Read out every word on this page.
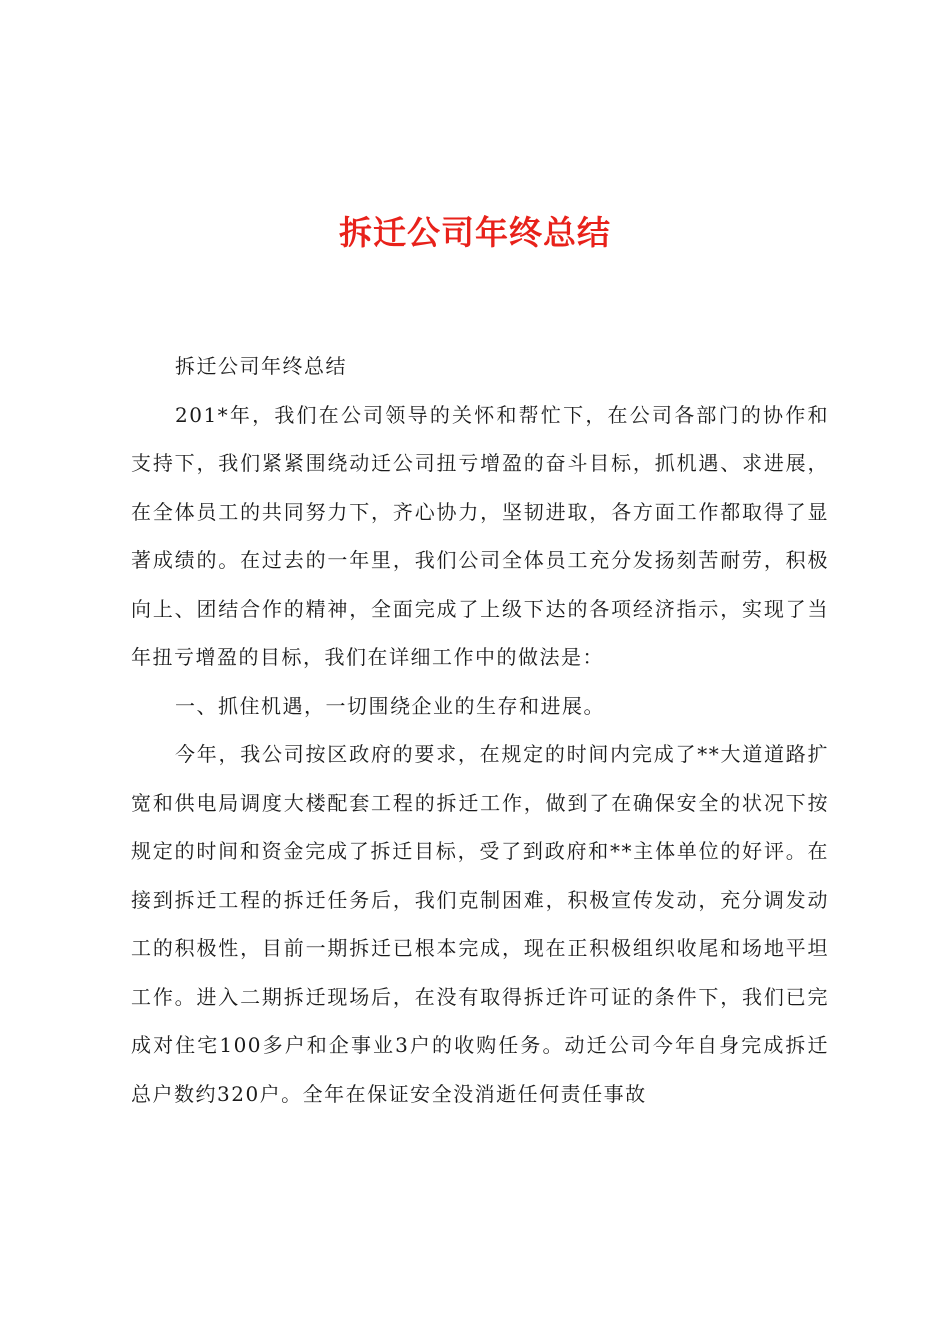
拆迁公司年终总结

拆迁公司年终总结

201*年，我们在公司领导的关怀和帮忙下，在公司各部门的协作和支持下，我们紧紧围绕动迁公司扭亏增盈的奋斗目标，抓机遇、求进展，在全体员工的共同努力下，齐心协力，坚韧进取，各方面工作都取得了显著成绩的。在过去的一年里，我们公司全体员工充分发扬刻苦耐劳，积极向上、团结合作的精神，全面完成了上级下达的各项经济指示，实现了当年扭亏增盈的目标，我们在详细工作中的做法是：

一、抓住机遇，一切围绕企业的生存和进展。

今年，我公司按区政府的要求，在规定的时间内完成了**大道道路扩宽和供电局调度大楼配套工程的拆迁工作，做到了在确保安全的状况下按规定的时间和资金完成了拆迁目标，受了到政府和**主体单位的好评。在接到拆迁工程的拆迁任务后，我们克制困难，积极宣传发动，充分调发动工的积极性，目前一期拆迁已根本完成，现在正积极组织收尾和场地平坦工作。进入二期拆迁现场后，在没有取得拆迁许可证的条件下，我们已完成对住宅100多户和企事业3户的收购任务。动迁公司今年自身完成拆迁总户数约320户。全年在保证安全没消逝任何责任事故
